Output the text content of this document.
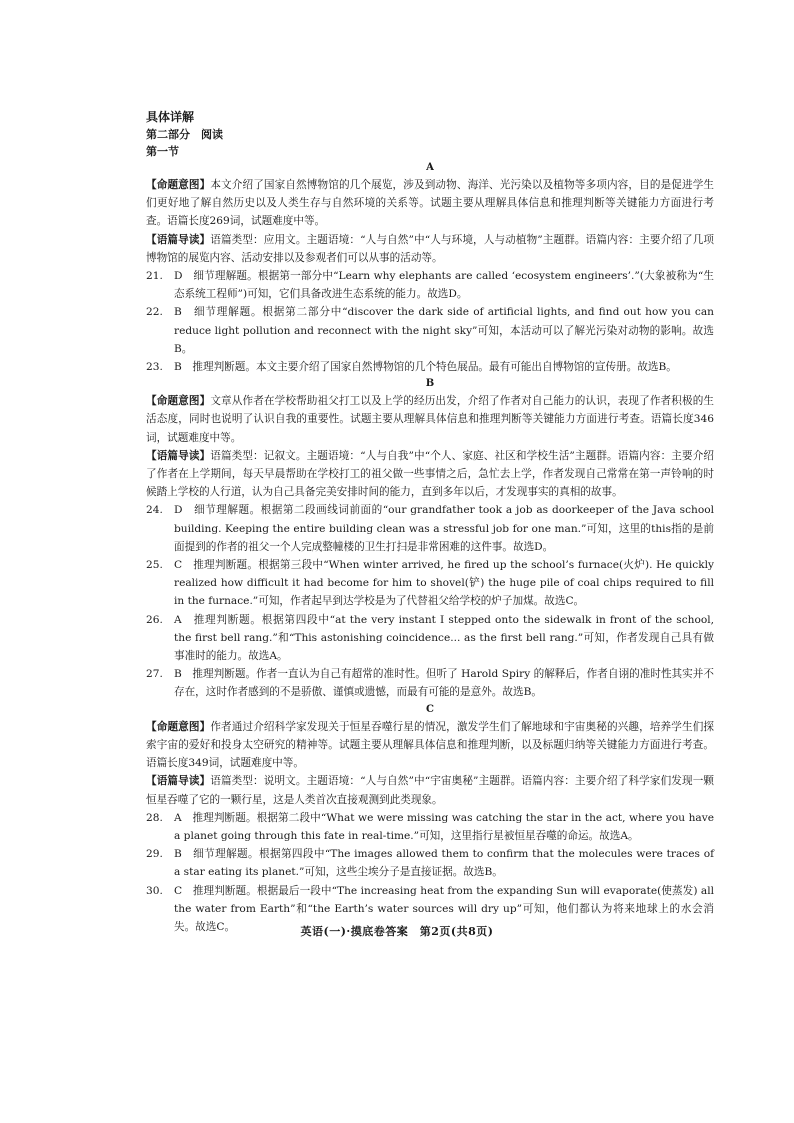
具体详解
第二部分　阅读
第一节
A

【命题意图】本文介绍了国家自然博物馆的几个展览，涉及到动物、海洋、光污染以及植物等多项内容，目的是促进学生们更好地了解自然历史以及人类生存与自然环境的关系等。试题主要从理解具体信息和推理判断等关键能力方面进行考查。语篇长度269词，试题难度中等。

【语篇导读】语篇类型：应用文。主题语境：“人与自然”中“人与环境，人与动植物”主题群。语篇内容：主要介绍了几项博物馆的展览内容、活动安排以及参观者们可以从事的活动等。

21.	D　细节理解题。根据第一部分中“Learn why elephants are called ‘ecosystem engineers’.”(大象被称为“生态系统工程师”)可知，它们具备改进生态系统的能力。故选D。
22.	B　细节理解题。根据第二部分中“discover the dark side of artificial lights, and find out how you can reduce light pollution and reconnect with the night sky”可知，本活动可以了解光污染对动物的影响。故选B。
23.	B　推理判断题。本文主要介绍了国家自然博物馆的几个特色展品。最有可能出自博物馆的宣传册。故选B。
B

【命题意图】文章从作者在学校帮助祖父打工以及上学的经历出发，介绍了作者对自己能力的认识，表现了作者积极的生活态度，同时也说明了认识自我的重要性。试题主要从理解具体信息和推理判断等关键能力方面进行考查。语篇长度346词，试题难度中等。

【语篇导读】语篇类型：记叙文。主题语境：“人与自我”中“个人、家庭、社区和学校生活”主题群。语篇内容：主要介绍了作者在上学期间，每天早晨帮助在学校打工的祖父做一些事情之后，急忙去上学，作者发现自己常常在第一声铃响的时候踏上学校的人行道，认为自己具备完美安排时间的能力，直到多年以后，才发现事实的真相的故事。

24.	D　细节理解题。根据第二段画线词前面的“our grandfather took a job as doorkeeper of the Java school building. Keeping the entire building clean was a stressful job for one man.”可知，这里的this指的是前面提到的作者的祖父一个人完成整幢楼的卫生打扫是非常困难的这件事。故选D。
25.	C　推理判断题。根据第三段中“When winter arrived, he fired up the school’s furnace(火炉). He quickly realized how difficult it had become for him to shovel(铲) the huge pile of coal chips required to fill in the furnace.”可知，作者起早到达学校是为了代替祖父给学校的炉子加煤。故选C。
26.	A　推理判断题。根据第四段中“at the very instant I stepped onto the sidewalk in front of the school, the first bell rang.”和“This astonishing coincidence... as the first bell rang.”可知，作者发现自己具有做事准时的能力。故选A。
27.	B　推理判断题。作者一直认为自己有超常的准时性。但听了 Harold Spiry 的解释后，作者自诩的准时性其实并不存在，这时作者感到的不是骄傲、谨慎或遗憾，而最有可能的是意外。故选B。
C

【命题意图】作者通过介绍科学家发现关于恒星吞噬行星的情况，激发学生们了解地球和宇宙奥秘的兴趣，培养学生们探索宇宙的爱好和投身太空研究的精神等。试题主要从理解具体信息和推理判断，以及标题归纳等关键能力方面进行考查。语篇长度349词，试题难度中等。

【语篇导读】语篇类型：说明文。主题语境：“人与自然”中“宇宙奥秘”主题群。语篇内容：主要介绍了科学家们发现一颗恒星吞噬了它的一颗行星，这是人类首次直接观测到此类现象。

28.	A　推理判断题。根据第二段中“What we were missing was catching the star in the act, where you have a planet going through this fate in real-time.”可知，这里指行星被恒星吞噬的命运。故选A。
29.	B　细节理解题。根据第四段中“The images allowed them to confirm that the molecules were traces of a star eating its planet.”可知，这些尘埃分子是直接证据。故选B。
30.	C　推理判断题。根据最后一段中“The increasing heat from the expanding Sun will evaporate(使蒸发) all the water from Earth”和“the Earth’s water sources will dry up”可知，他们都认为将来地球上的水会消失。故选C。	英语(一)·摸底卷答案　第2页(共8页)
